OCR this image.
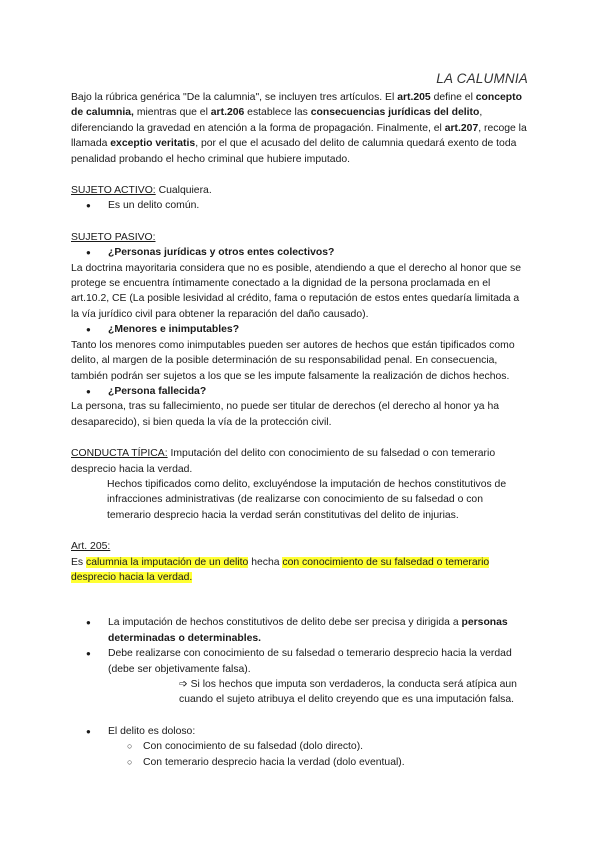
LA CALUMNIA

Bajo la rúbrica genérica "De la calumnia", se incluyen tres artículos. El art.205 define el concepto de calumnia, mientras que el art.206 establece las consecuencias jurídicas del delito, diferenciando la gravedad en atención a la forma de propagación. Finalmente, el art.207, recoge la llamada exceptio veritatis, por el que el acusado del delito de calumnia quedará exento de toda penalidad probando el hecho criminal que hubiere imputado.

SUJETO ACTIVO: Cualquiera.

● Es un delito común.

SUJETO PASIVO:

● ¿Personas jurídicas y otros entes colectivos?

La doctrina mayoritaria considera que no es posible, atendiendo a que el derecho al honor que se protege se encuentra íntimamente conectado a la dignidad de la persona proclamada en el art.10.2, CE (La posible lesividad al crédito, fama o reputación de estos entes quedaría limitada a la vía jurídico civil para obtener la reparación del daño causado).

● ¿Menores e inimputables?

Tanto los menores como inimputables pueden ser autores de hechos que están tipificados como delito, al margen de la posible determinación de su responsabilidad penal. En consecuencia, también podrán ser sujetos a los que se les impute falsamente la realización de dichos hechos.

● ¿Persona fallecida?

La persona, tras su fallecimiento, no puede ser titular de derechos (el derecho al honor ya ha desaparecido), si bien queda la vía de la protección civil.

CONDUCTA TÍPICA: Imputación del delito con conocimiento de su falsedad o con temerario desprecio hacia la verdad.

Hechos tipificados como delito, excluyéndose la imputación de hechos constitutivos de infracciones administrativas (de realizarse con conocimiento de su falsedad o con temerario desprecio hacia la verdad serán constitutivas del delito de injurias.

Art. 205:

Es calumnia la imputación de un delito hecha con conocimiento de su falsedad o temerario desprecio hacia la verdad.

● La imputación de hechos constitutivos de delito debe ser precisa y dirigida a personas determinadas o determinables.

● Debe realizarse con conocimiento de su falsedad o temerario desprecio hacia la verdad (debe ser objetivamente falsa).

➩ Si los hechos que imputa son verdaderos, la conducta será atípica aun cuando el sujeto atribuya el delito creyendo que es una imputación falsa.

● El delito es doloso:

○ Con conocimiento de su falsedad (dolo directo).

○ Con temerario desprecio hacia la verdad (dolo eventual).
